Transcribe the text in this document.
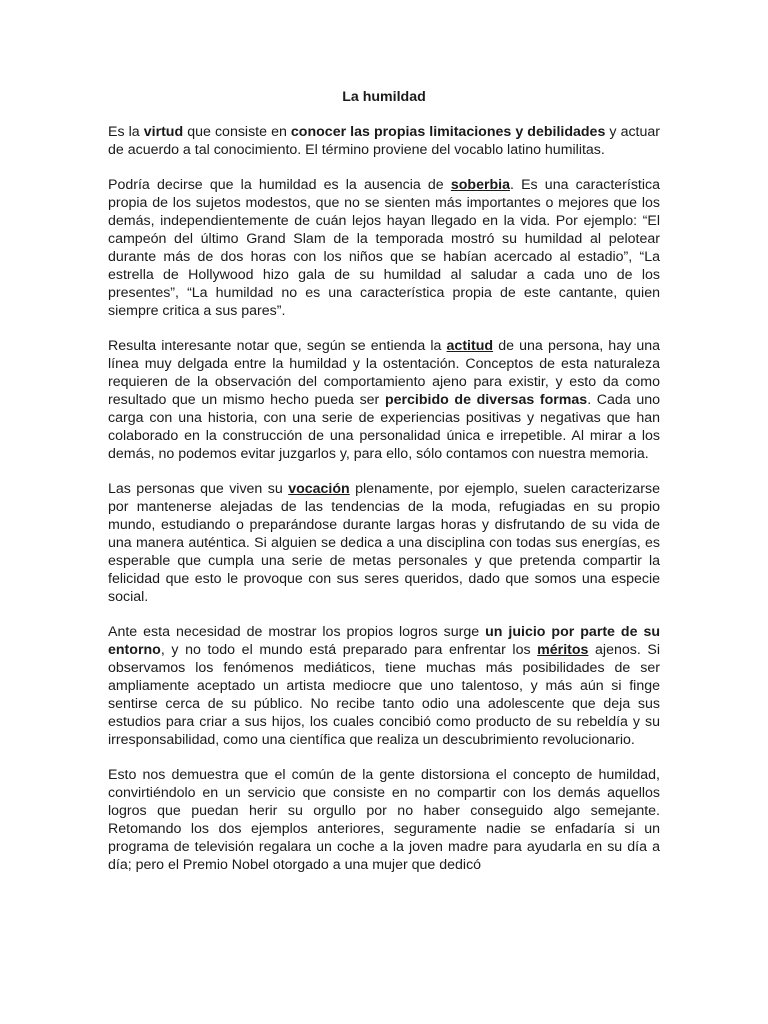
La humildad

Es la virtud que consiste en conocer las propias limitaciones y debilidades y actuar de acuerdo a tal conocimiento. El término proviene del vocablo latino humilitas.

Podría decirse que la humildad es la ausencia de soberbia. Es una característica propia de los sujetos modestos, que no se sienten más importantes o mejores que los demás, independientemente de cuán lejos hayan llegado en la vida. Por ejemplo: “El campeón del último Grand Slam de la temporada mostró su humildad al pelotear durante más de dos horas con los niños que se habían acercado al estadio”, “La estrella de Hollywood hizo gala de su humildad al saludar a cada uno de los presentes”, “La humildad no es una característica propia de este cantante, quien siempre critica a sus pares”.

Resulta interesante notar que, según se entienda la actitud de una persona, hay una línea muy delgada entre la humildad y la ostentación. Conceptos de esta naturaleza requieren de la observación del comportamiento ajeno para existir, y esto da como resultado que un mismo hecho pueda ser percibido de diversas formas. Cada uno carga con una historia, con una serie de experiencias positivas y negativas que han colaborado en la construcción de una personalidad única e irrepetible. Al mirar a los demás, no podemos evitar juzgarlos y, para ello, sólo contamos con nuestra memoria.

Las personas que viven su vocación plenamente, por ejemplo, suelen caracterizarse por mantenerse alejadas de las tendencias de la moda, refugiadas en su propio mundo, estudiando o preparándose durante largas horas y disfrutando de su vida de una manera auténtica. Si alguien se dedica a una disciplina con todas sus energías, es esperable que cumpla una serie de metas personales y que pretenda compartir la felicidad que esto le provoque con sus seres queridos, dado que somos una especie social.

Ante esta necesidad de mostrar los propios logros surge un juicio por parte de su entorno, y no todo el mundo está preparado para enfrentar los méritos ajenos. Si observamos los fenómenos mediáticos, tiene muchas más posibilidades de ser ampliamente aceptado un artista mediocre que uno talentoso, y más aún si finge sentirse cerca de su público. No recibe tanto odio una adolescente que deja sus estudios para criar a sus hijos, los cuales concibió como producto de su rebeldía y su irresponsabilidad, como una científica que realiza un descubrimiento revolucionario.

Esto nos demuestra que el común de la gente distorsiona el concepto de humildad, convirtiéndolo en un servicio que consiste en no compartir con los demás aquellos logros que puedan herir su orgullo por no haber conseguido algo semejante. Retomando los dos ejemplos anteriores, seguramente nadie se enfadaría si un programa de televisión regalara un coche a la joven madre para ayudarla en su día a día; pero el Premio Nobel otorgado a una mujer que dedicó
